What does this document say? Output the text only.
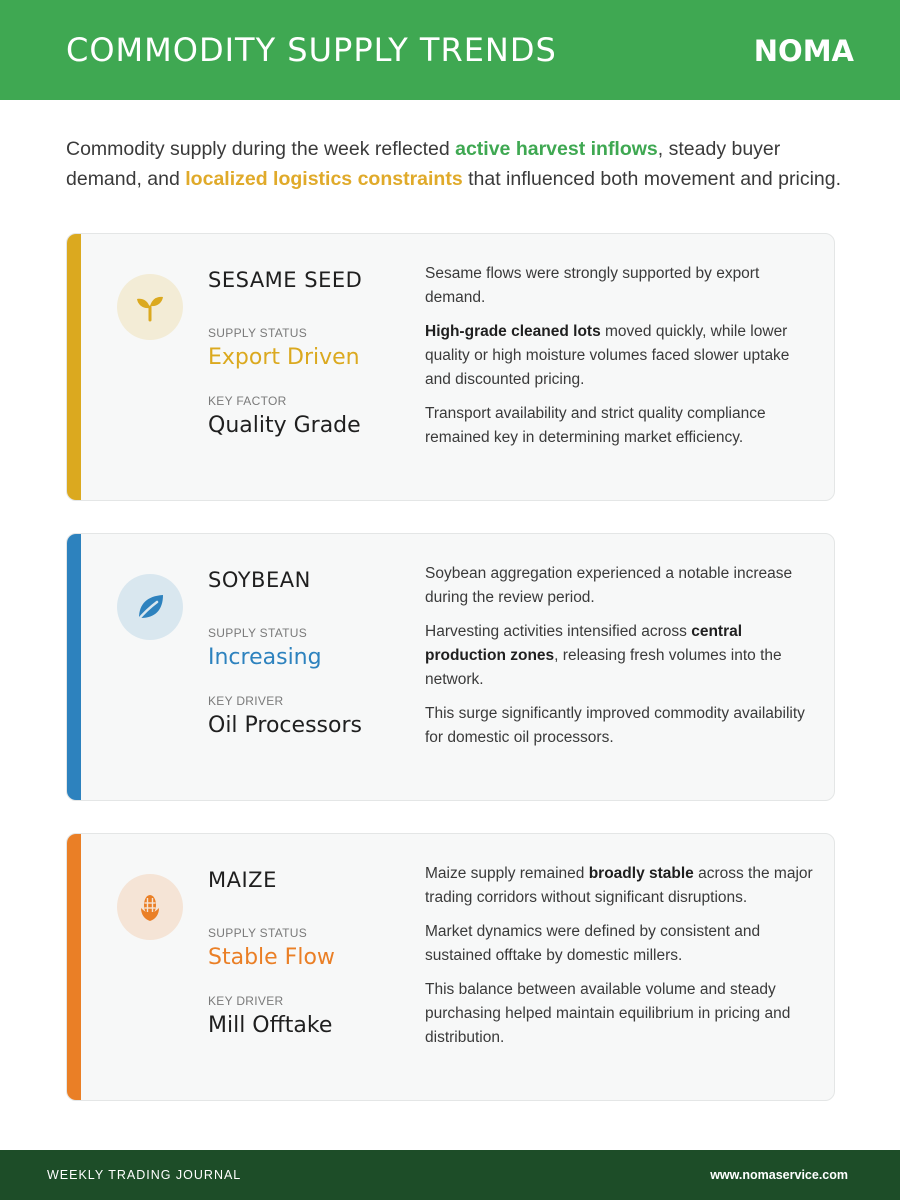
COMMODITY SUPPLY TRENDS	NOMA
Commodity supply during the week reflected active harvest inflows, steady buyer demand, and localized logistics constraints that influenced both movement and pricing.
SESAME SEED
SUPPLY STATUS
Export Driven
KEY FACTOR
Quality Grade

Sesame flows were strongly supported by export demand.

High-grade cleaned lots moved quickly, while lower quality or high moisture volumes faced slower uptake and discounted pricing.

Transport availability and strict quality compliance remained key in determining market efficiency.

SOYBEAN
SUPPLY STATUS
Increasing
KEY DRIVER
Oil Processors

Soybean aggregation experienced a notable increase during the review period.

Harvesting activities intensified across central production zones, releasing fresh volumes into the network.

This surge significantly improved commodity availability for domestic oil processors.

MAIZE
SUPPLY STATUS
Stable Flow
KEY DRIVER
Mill Offtake

Maize supply remained broadly stable across the major trading corridors without significant disruptions.

Market dynamics were defined by consistent and sustained offtake by domestic millers.

This balance between available volume and steady purchasing helped maintain equilibrium in pricing and distribution.

WEEKLY TRADING JOURNAL	www.nomaservice.com
